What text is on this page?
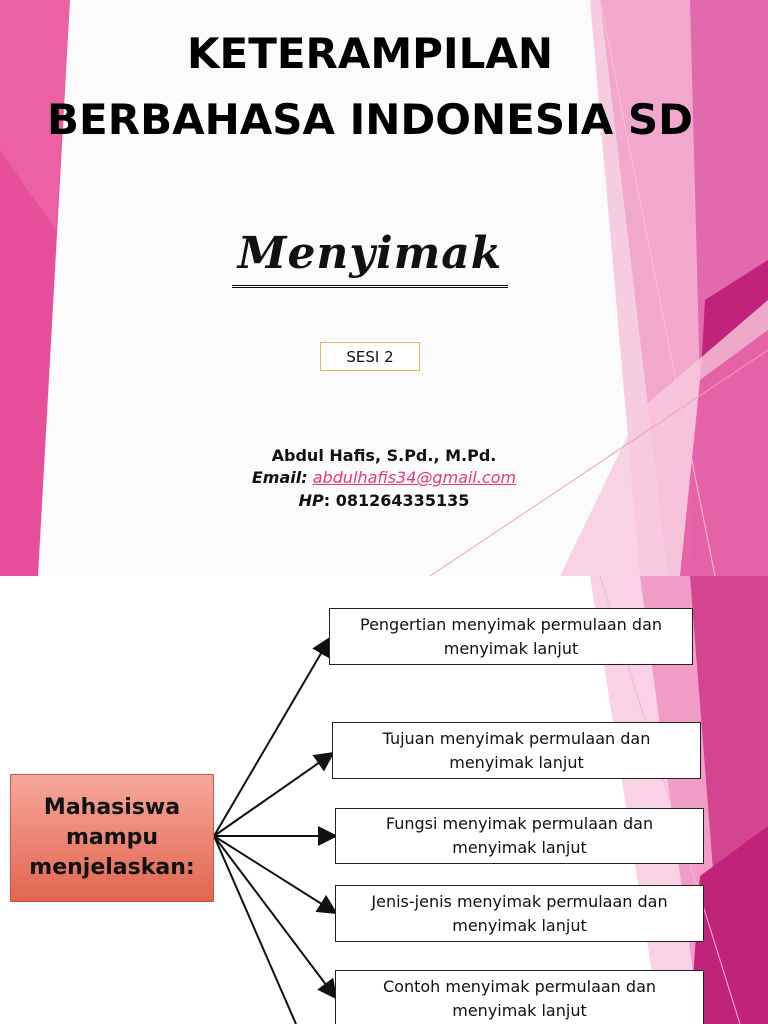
KETERAMPILAN
BERBAHASA INDONESIA SD
Menyimak
SESI 2
Abdul Hafis, S.Pd., M.Pd.
Email: abdulhafis34@gmail.com
HP: 081264335135
Mahasiswa mampu menjelaskan:
Pengertian menyimak permulaan dan menyimak lanjut
Tujuan menyimak permulaan dan menyimak lanjut
Fungsi menyimak permulaan dan menyimak lanjut
Jenis-jenis menyimak permulaan dan menyimak lanjut
Contoh menyimak permulaan dan menyimak lanjut
